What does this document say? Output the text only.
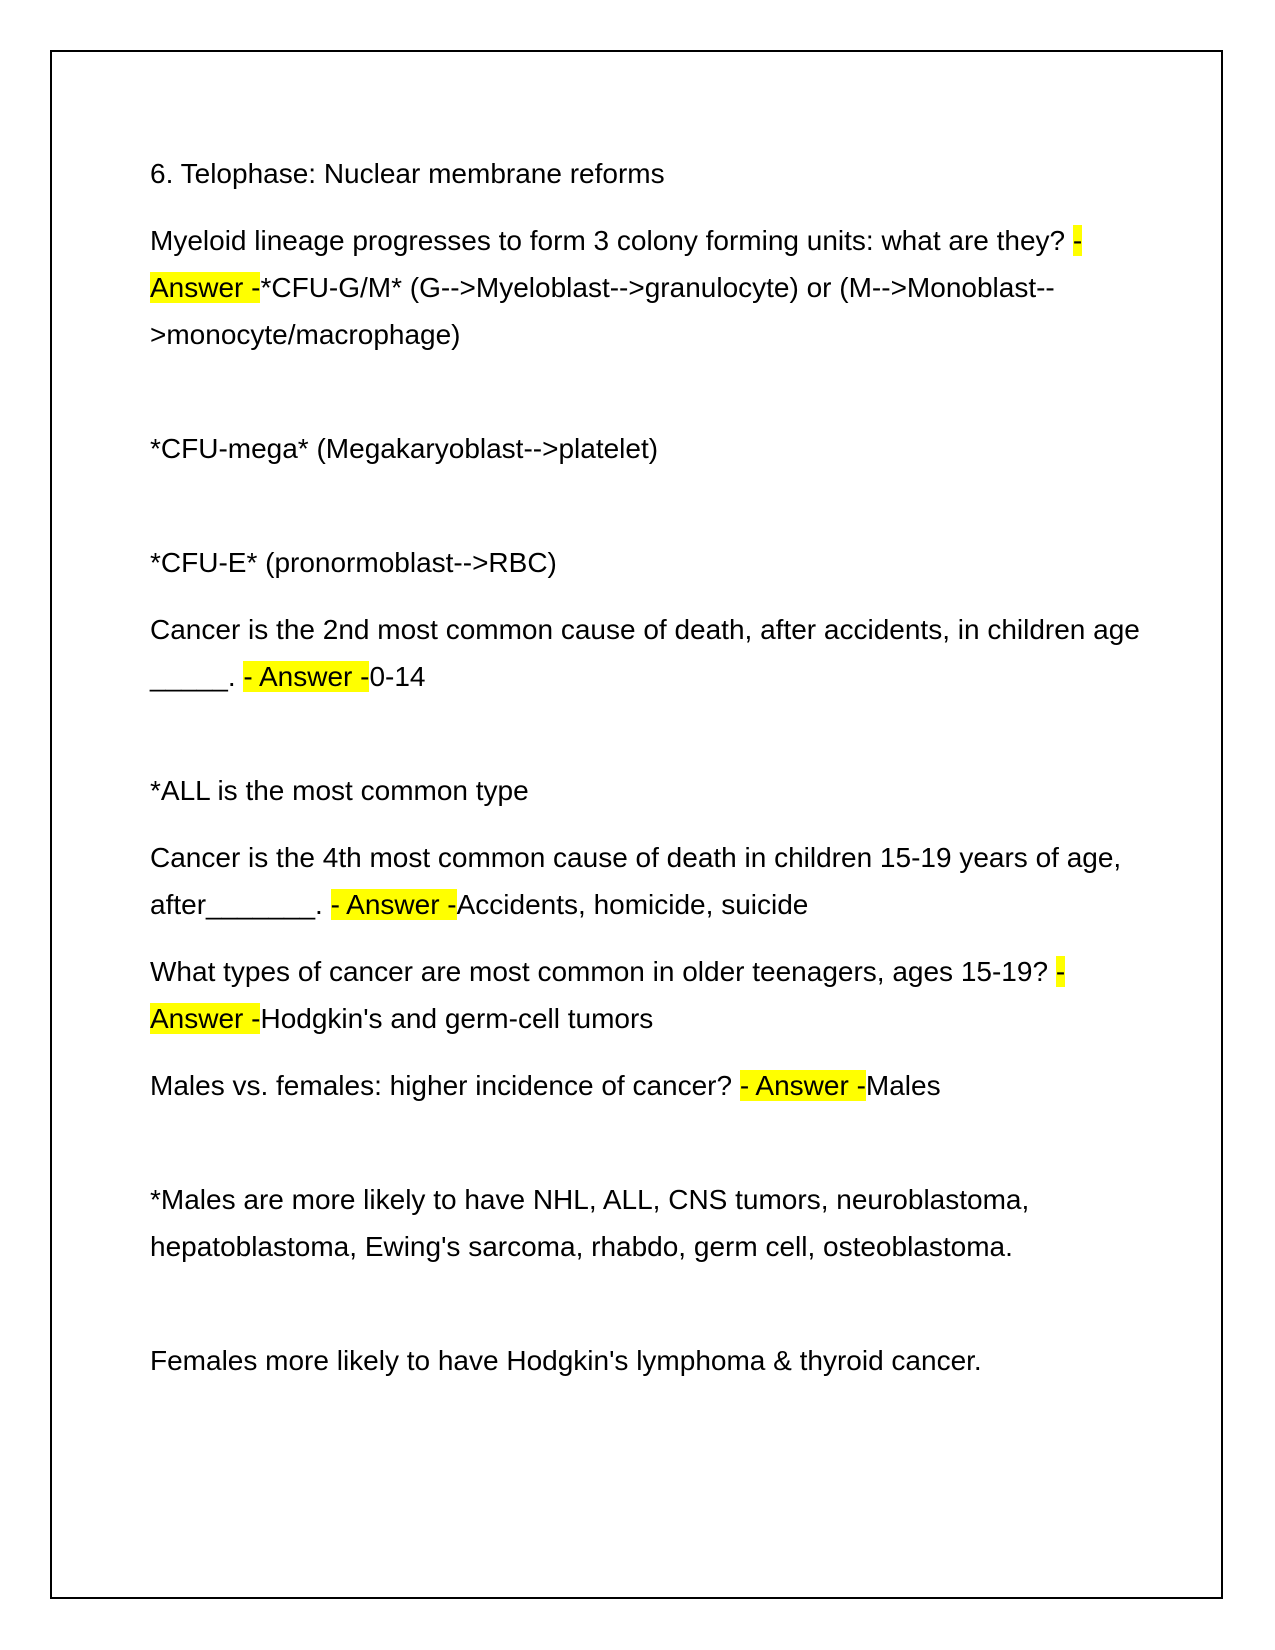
6. Telophase: Nuclear membrane reforms

Myeloid lineage progresses to form 3 colony forming units: what are they? - Answer -*CFU-G/M* (G-->Myeloblast-->granulocyte) or (M-->Monoblast-->monocyte/macrophage)

*CFU-mega* (Megakaryoblast-->platelet)

*CFU-E* (pronormoblast-->RBC)

Cancer is the 2nd most common cause of death, after accidents, in children age _____. - Answer -0-14

*ALL is the most common type

Cancer is the 4th most common cause of death in children 15-19 years of age, after_______. - Answer -Accidents, homicide, suicide

What types of cancer are most common in older teenagers, ages 15-19? - Answer -Hodgkin's and germ-cell tumors

Males vs. females: higher incidence of cancer? - Answer -Males

*Males are more likely to have NHL, ALL, CNS tumors, neuroblastoma, hepatoblastoma, Ewing's sarcoma, rhabdo, germ cell, osteoblastoma.

Females more likely to have Hodgkin's lymphoma & thyroid cancer.
